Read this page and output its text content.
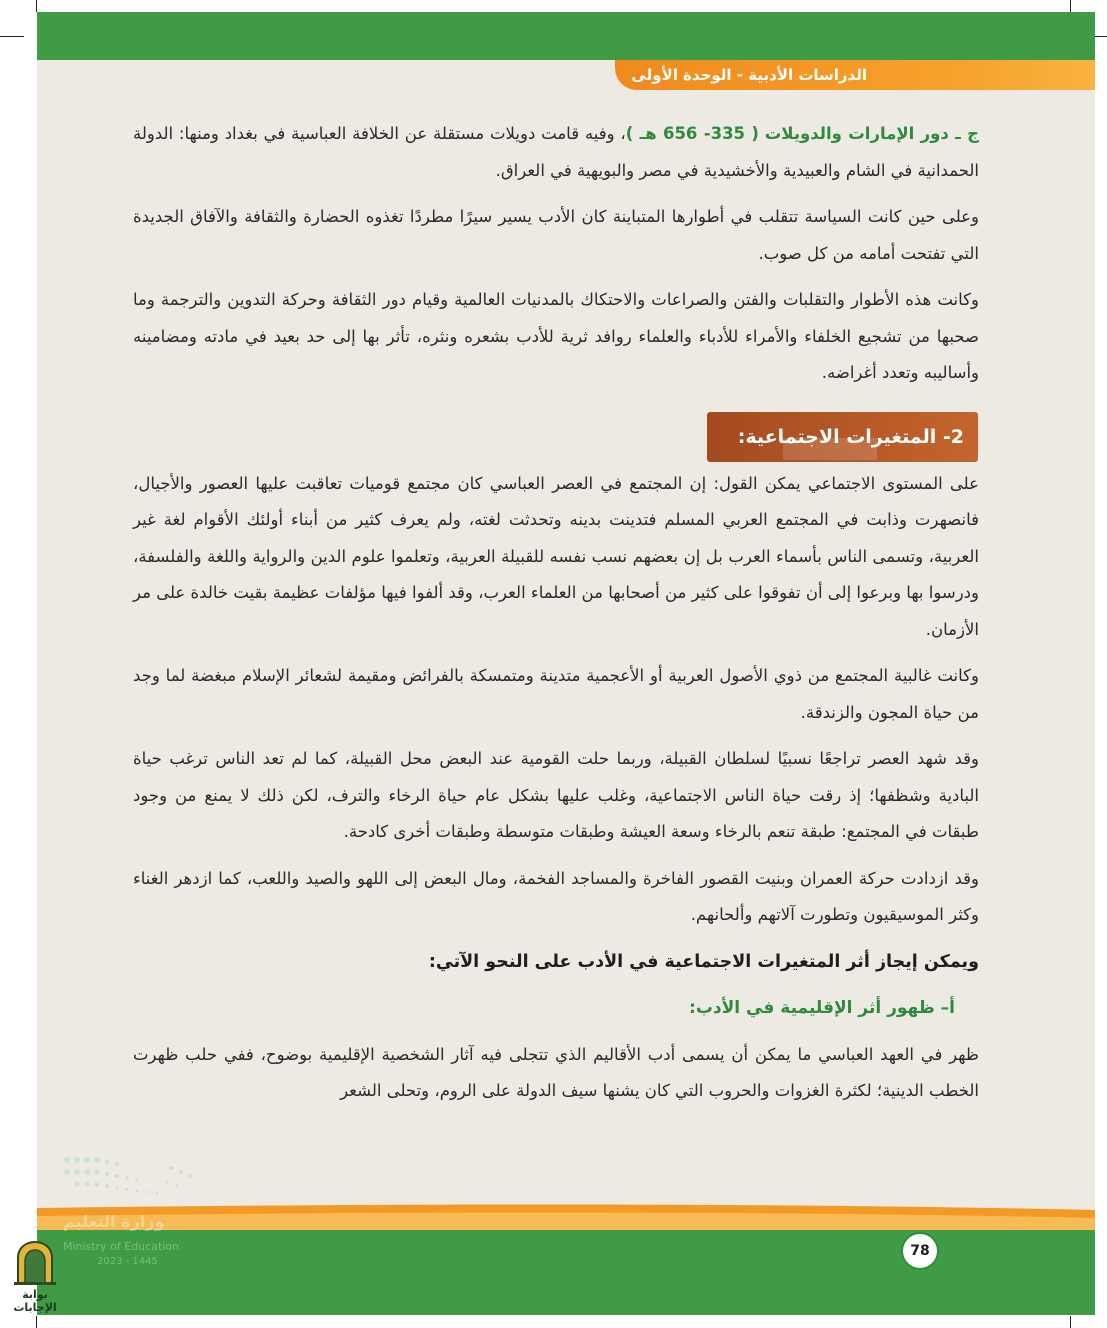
الدراسات الأدبية - الوحدة الأولى

ج ـ دور الإمارات والدويلات ( 335- 656 هـ )، وفيه قامت دويلات مستقلة عن الخلافة العباسية في بغداد ومنها: الدولة الحمدانية في الشام والعبيدية والأخشيدية في مصر والبويهية في العراق.

وعلى حين كانت السياسة تتقلب في أطوارها المتباينة كان الأدب يسير سيرًا مطردًا تغذوه الحضارة والثقافة والآفاق الجديدة التي تفتحت أمامه من كل صوب.

وكانت هذه الأطوار والتقلبات والفتن والصراعات والاحتكاك بالمدنيات العالمية وقيام دور الثقافة وحركة التدوين والترجمة وما صحبها من تشجيع الخلفاء والأمراء للأدباء والعلماء روافد ثرية للأدب بشعره ونثره، تأثر بها إلى حد بعيد في مادته ومضامينه وأساليبه وتعدد أغراضه.

على المستوى الاجتماعي يمكن القول: إن المجتمع في العصر العباسي كان مجتمع قوميات تعاقبت عليها العصور والأجيال، فانصهرت وذابت في المجتمع العربي المسلم فتدينت بدينه وتحدثت لغته، ولم يعرف كثير من أبناء أولئك الأقوام لغة غير العربية، وتسمى الناس بأسماء العرب بل إن بعضهم نسب نفسه للقبيلة العربية، وتعلموا علوم الدين والرواية واللغة والفلسفة، ودرسوا بها وبرعوا إلى أن تفوقوا على كثير من أصحابها من العلماء العرب، وقد ألفوا فيها مؤلفات عظيمة بقيت خالدة على مر الأزمان.

وكانت غالبية المجتمع من ذوي الأصول العربية أو الأعجمية متدينة ومتمسكة بالفرائض ومقيمة لشعائر الإسلام مبغضة لما وجد من حياة المجون والزندقة.

وقد شهد العصر تراجعًا نسبيًا لسلطان القبيلة، وربما حلت القومية عند البعض محل القبيلة، كما لم تعد الناس ترغب حياة البادية وشظفها؛ إذ رقت حياة الناس الاجتماعية، وغلب عليها بشكل عام حياة الرخاء والترف، لكن ذلك لا يمنع من وجود طبقات في المجتمع: طبقة تنعم بالرخاء وسعة العيشة وطبقات متوسطة وطبقات أخرى كادحة.

وقد ازدادت حركة العمران وبنيت القصور الفاخرة والمساجد الفخمة، ومال البعض إلى اللهو والصيد واللعب، كما ازدهر الغناء وكثر الموسيقيون وتطورت آلاتهم وألحانهم.

ويمكن إيجاز أثر المتغيرات الاجتماعية في الأدب على النحو الآتي:

أ– ظهور أثر الإقليمية في الأدب:

ظهر في العهد العباسي ما يمكن أن يسمى أدب الأقاليم الذي تتجلى فيه آثار الشخصية الإقليمية بوضوح، ففي حلب ظهرت الخطب الدينية؛ لكثرة الغزوات والحروب التي كان يشنها سيف الدولة على الروم، وتحلى الشعر

2- المتغيرات الاجتماعية:
78
وزارة التعليم
Ministry of Education
2023 - 1445
بوابة الإجابات
